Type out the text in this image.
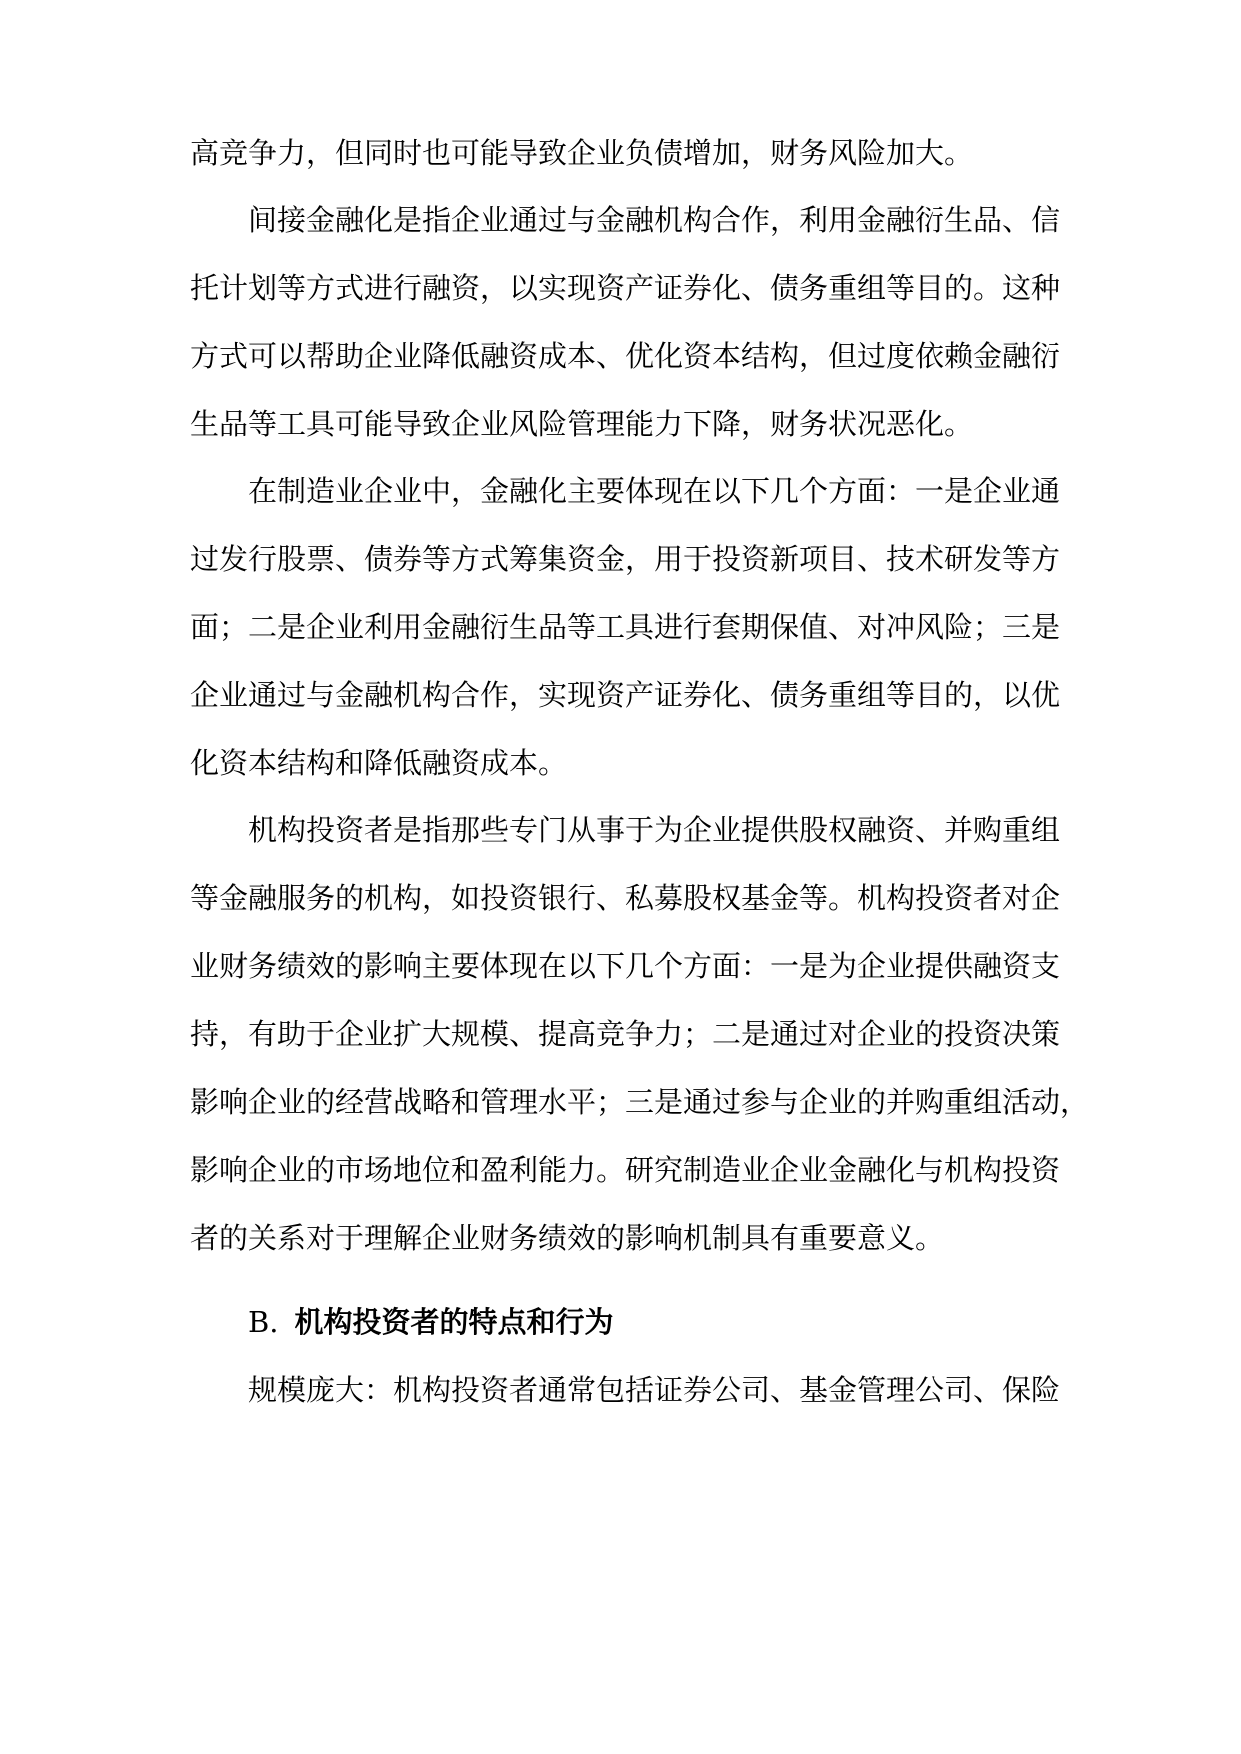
高竞争力，但同时也可能导致企业负债增加，财务风险加大。
间接金融化是指企业通过与金融机构合作，利用金融衍生品、信
托计划等方式进行融资，以实现资产证券化、债务重组等目的。这种
方式可以帮助企业降低融资成本、优化资本结构，但过度依赖金融衍
生品等工具可能导致企业风险管理能力下降，财务状况恶化。
在制造业企业中，金融化主要体现在以下几个方面：一是企业通
过发行股票、债券等方式筹集资金，用于投资新项目、技术研发等方
面；二是企业利用金融衍生品等工具进行套期保值、对冲风险；三是
企业通过与金融机构合作，实现资产证券化、债务重组等目的，以优
化资本结构和降低融资成本。
机构投资者是指那些专门从事于为企业提供股权融资、并购重组
等金融服务的机构，如投资银行、私募股权基金等。机构投资者对企
业财务绩效的影响主要体现在以下几个方面：一是为企业提供融资支
持，有助于企业扩大规模、提高竞争力；二是通过对企业的投资决策
影响企业的经营战略和管理水平；三是通过参与企业的并购重组活动，
影响企业的市场地位和盈利能力。研究制造业企业金融化与机构投资
者的关系对于理解企业财务绩效的影响机制具有重要意义。
B. 机构投资者的特点和行为
规模庞大：机构投资者通常包括证券公司、基金管理公司、保险
